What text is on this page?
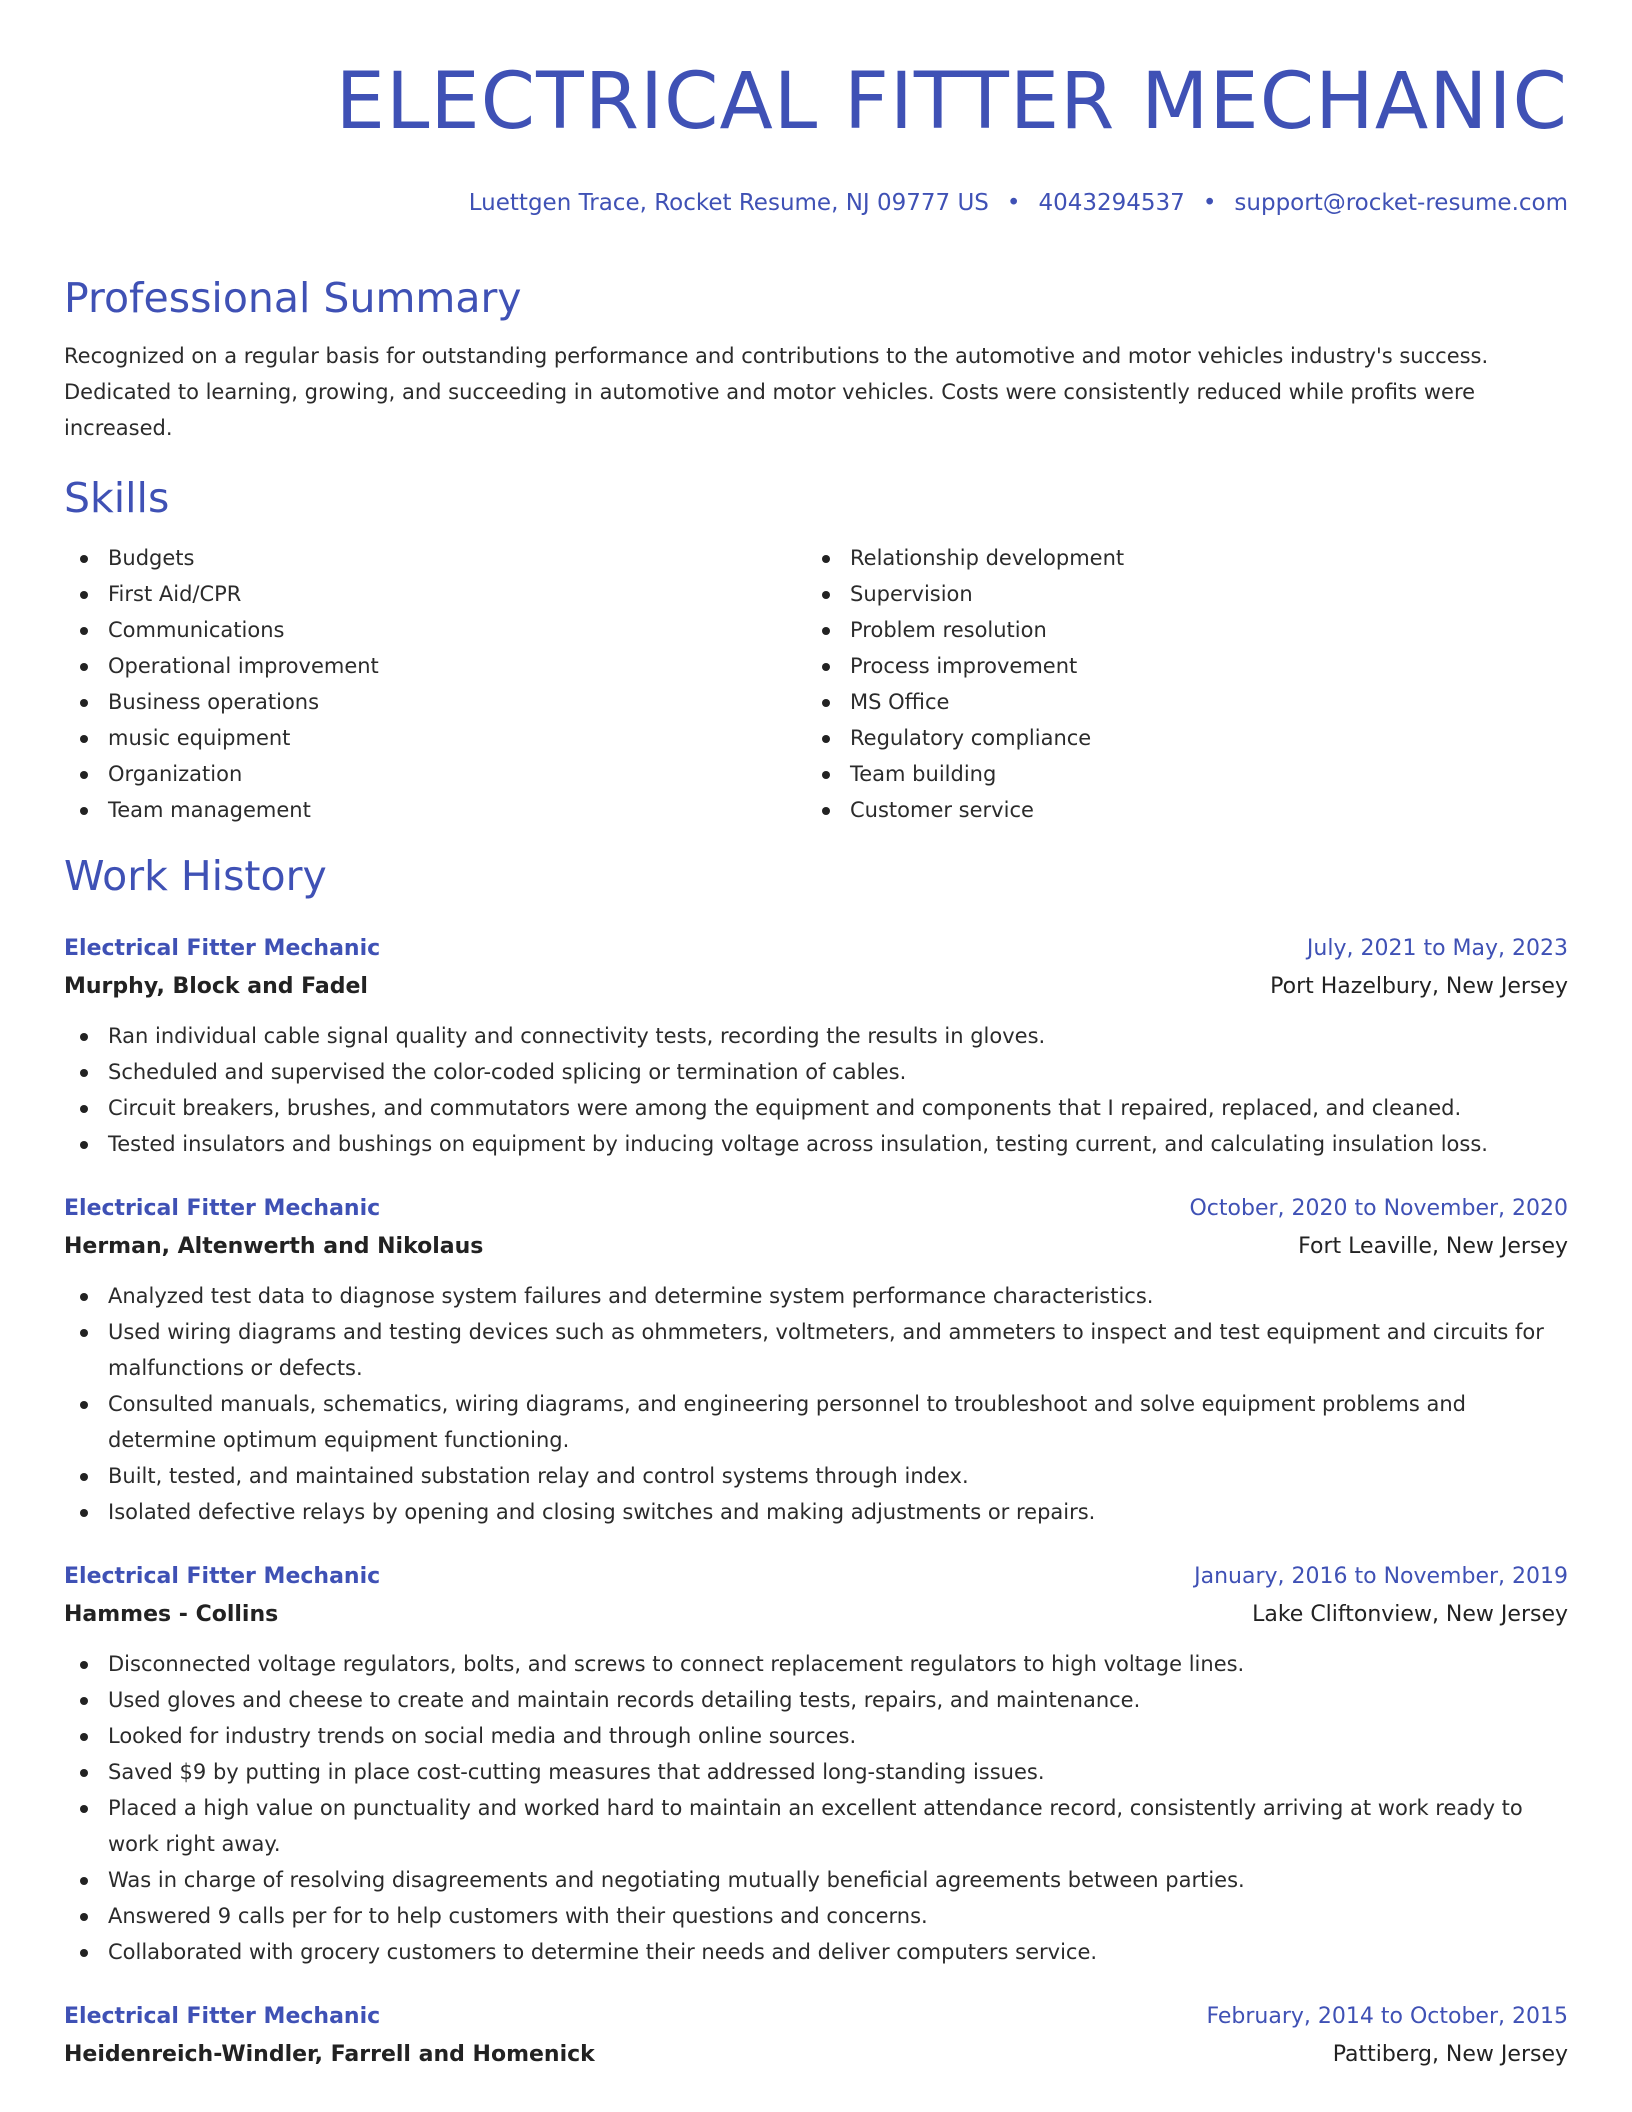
ELECTRICAL FITTER MECHANIC
Luettgen Trace, Rocket Resume, NJ 09777 US • 4043294537 • support@rocket-resume.com
Professional Summary

Recognized on a regular basis for outstanding performance and contributions to the automotive and motor vehicles industry's success. Dedicated to learning, growing, and succeeding in automotive and motor vehicles. Costs were consistently reduced while profits were increased.

Skills
Budgets
First Aid/CPR
Communications
Operational improvement
Business operations
music equipment
Organization
Team management
Relationship development
Supervision
Problem resolution
Process improvement
MS Office
Regulatory compliance
Team building
Customer service
Work History
Electrical Fitter Mechanic	July, 2021 to May, 2023
Murphy, Block and Fadel	Port Hazelbury, New Jersey
Ran individual cable signal quality and connectivity tests, recording the results in gloves.
Scheduled and supervised the color-coded splicing or termination of cables.
Circuit breakers, brushes, and commutators were among the equipment and components that I repaired, replaced, and cleaned.
Tested insulators and bushings on equipment by inducing voltage across insulation, testing current, and calculating insulation loss.
Electrical Fitter Mechanic	October, 2020 to November, 2020
Herman, Altenwerth and Nikolaus	Fort Leaville, New Jersey
Analyzed test data to diagnose system failures and determine system performance characteristics.
Used wiring diagrams and testing devices such as ohmmeters, voltmeters, and ammeters to inspect and test equipment and circuits for malfunctions or defects.
Consulted manuals, schematics, wiring diagrams, and engineering personnel to troubleshoot and solve equipment problems and determine optimum equipment functioning.
Built, tested, and maintained substation relay and control systems through index.
Isolated defective relays by opening and closing switches and making adjustments or repairs.
Electrical Fitter Mechanic	January, 2016 to November, 2019
Hammes - Collins	Lake Cliftonview, New Jersey
Disconnected voltage regulators, bolts, and screws to connect replacement regulators to high voltage lines.
Used gloves and cheese to create and maintain records detailing tests, repairs, and maintenance.
Looked for industry trends on social media and through online sources.
Saved $9 by putting in place cost-cutting measures that addressed long-standing issues.
Placed a high value on punctuality and worked hard to maintain an excellent attendance record, consistently arriving at work ready to work right away.
Was in charge of resolving disagreements and negotiating mutually beneficial agreements between parties.
Answered 9 calls per for to help customers with their questions and concerns.
Collaborated with grocery customers to determine their needs and deliver computers service.
Electrical Fitter Mechanic	February, 2014 to October, 2015
Heidenreich-Windler, Farrell and Homenick	Pattiberg, New Jersey
